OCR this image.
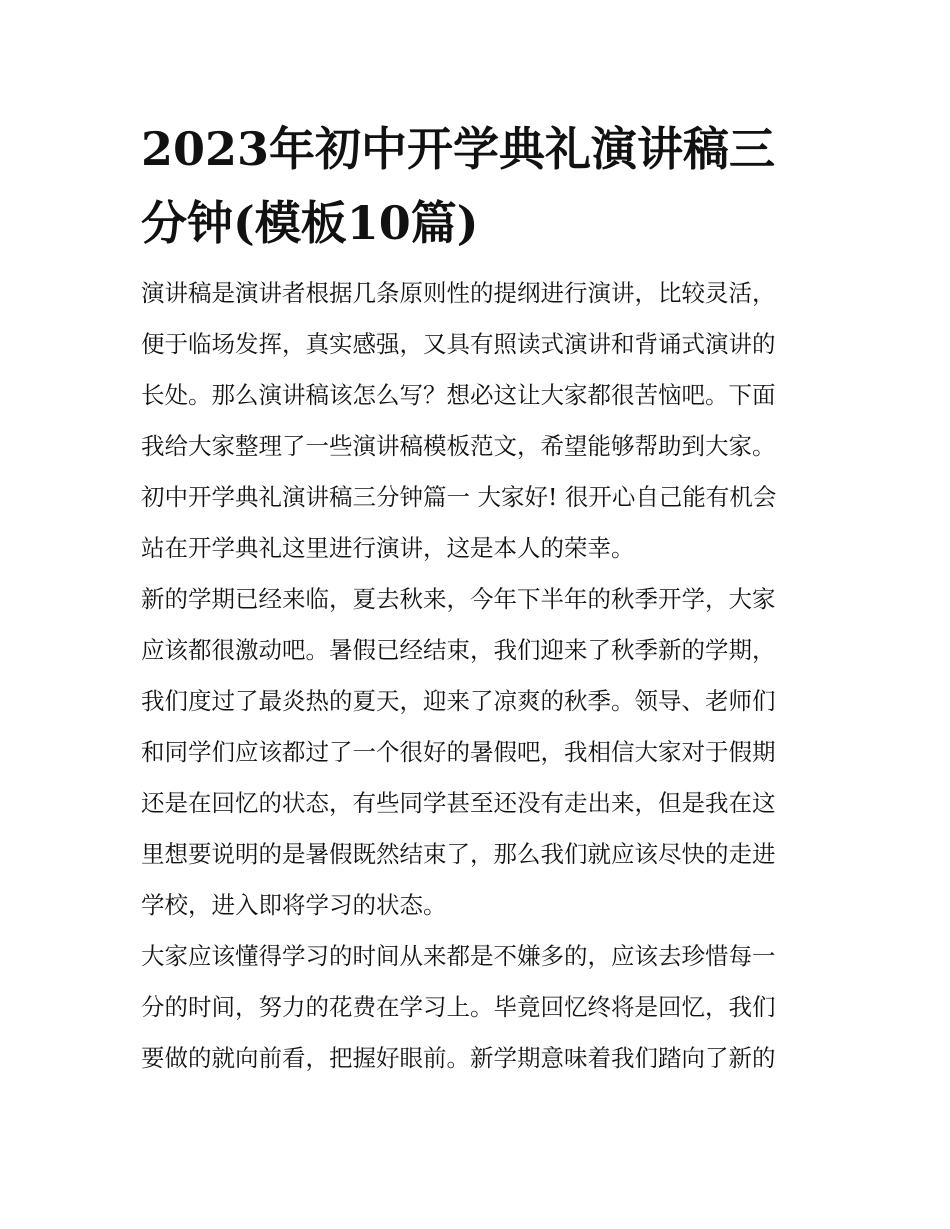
2023年初中开学典礼演讲稿三
分钟(模板10篇)

演讲稿是演讲者根据几条原则性的提纲进行演讲，比较灵活，
便于临场发挥，真实感强，又具有照读式演讲和背诵式演讲的
长处。那么演讲稿该怎么写？想必这让大家都很苦恼吧。下面
我给大家整理了一些演讲稿模板范文，希望能够帮助到大家。
初中开学典礼演讲稿三分钟篇一 大家好! 很开心自己能有机会
站在开学典礼这里进行演讲，这是本人的荣幸。

新的学期已经来临，夏去秋来，今年下半年的秋季开学，大家
应该都很激动吧。暑假已经结束，我们迎来了秋季新的学期，
我们度过了最炎热的夏天，迎来了凉爽的秋季。领导、老师们
和同学们应该都过了一个很好的暑假吧，我相信大家对于假期
还是在回忆的状态，有些同学甚至还没有走出来，但是我在这
里想要说明的是暑假既然结束了，那么我们就应该尽快的走进
学校，进入即将学习的状态。

大家应该懂得学习的时间从来都是不嫌多的，应该去珍惜每一
分的时间，努力的花费在学习上。毕竟回忆终将是回忆，我们
要做的就向前看，把握好眼前。新学期意味着我们踏向了新的
